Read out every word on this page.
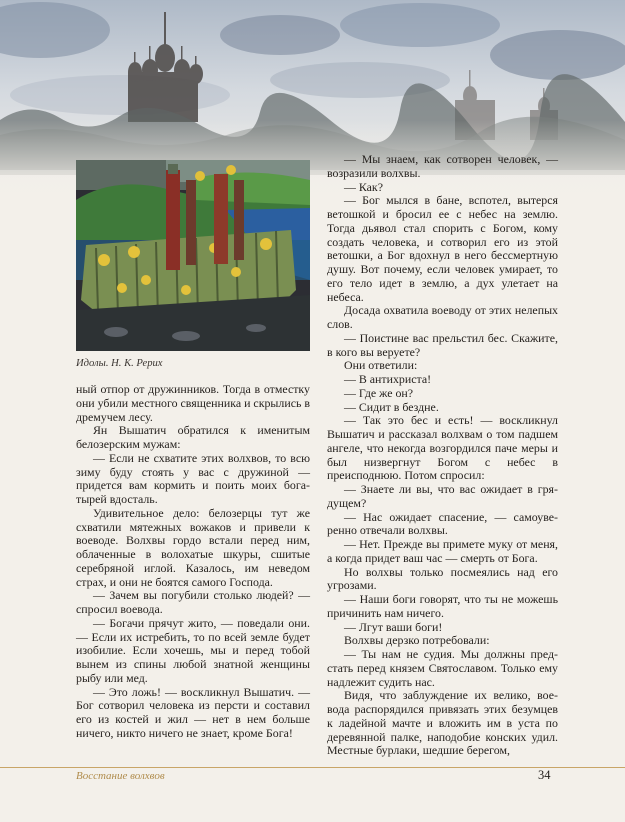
Идолы. Н. К. Рерих

ный отпор от дружинников. Тогда в отместку они убили местного священника и скрылись в дремучем лесу.

Ян Вышатич обратился к именитым белозерским мужам:

— Если не схватите этих волхвов, то всю зиму буду стоять у вас с дружиной — придется вам кормить и поить моих богатырей вдосталь.

Удивительное дело: белозерцы тут же схватили мятежных вожаков и привели к воеводе. Волхвы гордо встали перед ним, облаченные в волохатые шкуры, сшитые серебряной иглой. Казалось, им неведом страх, и они не боятся самого Господа.

— Зачем вы погубили столько людей? — спросил воевода.

— Богачи прячут жито, — поведали они. — Если их истребить, то по всей земле будет изобилие. Если хочешь, мы и перед тобой вынем из спины любой знатной женщины рыбу или мед.

— Это ложь! — воскликнул Вышатич. — Бог сотворил человека из персти и составил его из костей и жил — нет в нем больше ничего, никто ничего не знает, кроме Бога!

— Мы знаем, как сотворен человек, — возразили волхвы.

— Как?

— Бог мылся в бане, вспотел, вытерся ветошкой и бросил ее с небес на землю. Тогда дьявол стал спорить с Богом, кому создать человека, и сотворил его из этой ветошки, а Бог вдохнул в него бессмертную душу. Вот почему, если человек умирает, то его тело идет в землю, а дух улетает на небеса.

Досада охватила воеводу от этих нелепых слов.

— Поистине вас прельстил бес. Скажите, в кого вы веруете?

Они ответили:

— В антихриста!

— Где же он?

— Сидит в бездне.

— Так это бес и есть! — воскликнул Вышатич и рассказал волхвам о том падшем ангеле, что некогда возгордился паче меры и был низвергнут Богом с небес в преисподнюю. Потом спросил:

— Знаете ли вы, что вас ожидает в грядущем?

— Нас ожидает спасение, — самоуверенно отвечали волхвы.

— Нет. Прежде вы примете муку от меня, а когда придет ваш час — смерть от Бога.

Но волхвы только посмеялись над его угрозами.

— Наши боги говорят, что ты не можешь причинить нам ничего.

— Лгут ваши боги!

Волхвы дерзко потребовали:

— Ты нам не судия. Мы должны предстать перед князем Святославом. Только ему надлежит судить нас.

Видя, что заблуждение их велико, воевода распорядился привязать этих безумцев к ладейной мачте и вложить им в уста по деревянной палке, наподобие конских удил. Местные бурлаки, шедшие берегом,

Восстание волхвов	34
